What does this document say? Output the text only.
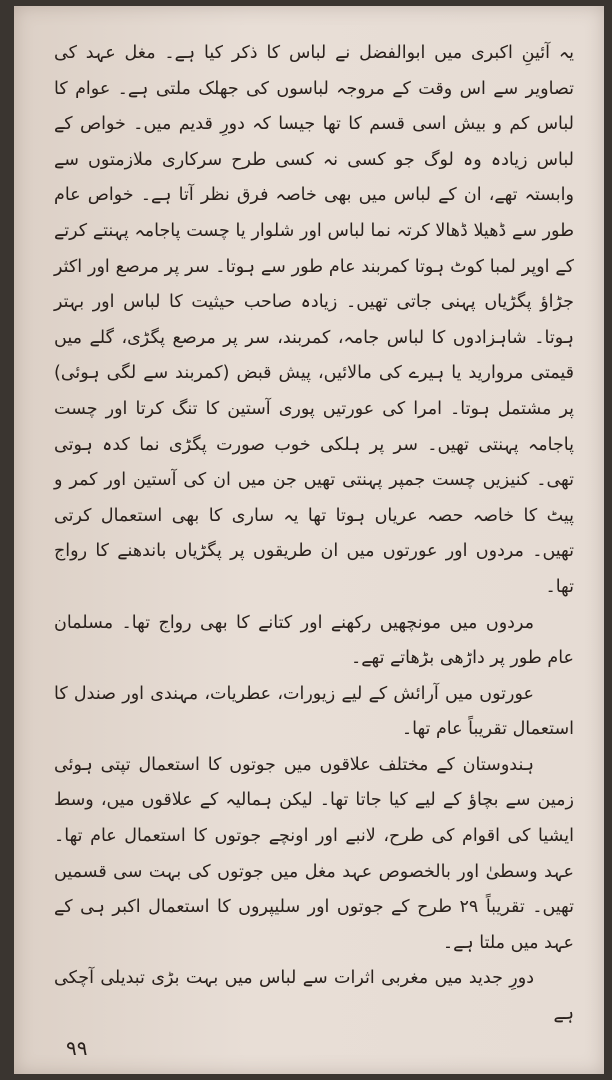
یہ آئینِ اکبری میں ابوالفضل نے لباس کا ذکر کیا ہے۔ مغل عہد کی تصاویر سے اس وقت کے مروجہ لباسوں کی جھلک ملتی ہے۔ عوام کا لباس کم و بیش اسی قسم کا تھا جیسا کہ دورِ قدیم میں۔ خواص کے لباس زیادہ وہ لوگ جو کسی نہ کسی طرح سرکاری ملازمتوں سے وابستہ تھے، ان کے لباس میں بھی خاصہ فرق نظر آتا ہے۔ خواص عام طور سے ڈھیلا ڈھالا کرتہ نما لباس اور شلوار یا چست پاجامہ پہنتے کرتے کے اوپر لمبا کوٹ ہوتا کمربند عام طور سے ہوتا۔ سر پر مرصع اور اکثر جڑاؤ پگڑیاں پہنی جاتی تھیں۔ زیادہ صاحب حیثیت کا لباس اور بہتر ہوتا۔ شاہزادوں کا لباس جامہ، کمربند، سر پر مرصع پگڑی، گلے میں قیمتی مروارید یا ہیرے کی مالائیں، پیش قبض (کمربند سے لگی ہوئی) پر مشتمل ہوتا۔ امرا کی عورتیں پوری آستین کا تنگ کرتا اور چست پاجامہ پہنتی تھیں۔ سر پر ہلکی خوب صورت پگڑی نما کدہ ہوتی تھی۔ کنیزیں چست جمپر پہنتی تھیں جن میں ان کی آستین اور کمر و پیٹ کا خاصہ حصہ عریاں ہوتا تھا یہ ساری کا بھی استعمال کرتی تھیں۔ مردوں اور عورتوں میں ان طریقوں پر پگڑیاں باندھنے کا رواج تھا۔

مردوں میں مونچھیں رکھنے اور کتانے کا بھی رواج تھا۔ مسلمان عام طور پر داڑھی بڑھاتے تھے۔

عورتوں میں آرائش کے لیے زیورات، عطریات، مہندی اور صندل کا استعمال تقریباً عام تھا۔

ہندوستان کے مختلف علاقوں میں جوتوں کا استعمال تپتی ہوئی زمین سے بچاؤ کے لیے کیا جاتا تھا۔ لیکن ہمالیہ کے علاقوں میں، وسط ایشیا کی اقوام کی طرح، لانبے اور اونچے جوتوں کا استعمال عام تھا۔ عہد وسطیٰ اور بالخصوص عہد مغل میں جوتوں کی بہت سی قسمیں تھیں۔ تقریباً ۲۹ طرح کے جوتوں اور سلیپروں کا استعمال اکبر ہی کے عہد میں ملتا ہے۔

دورِ جدید میں مغربی اثرات سے لباس میں بہت بڑی تبدیلی آچکی ہے

۹۹
